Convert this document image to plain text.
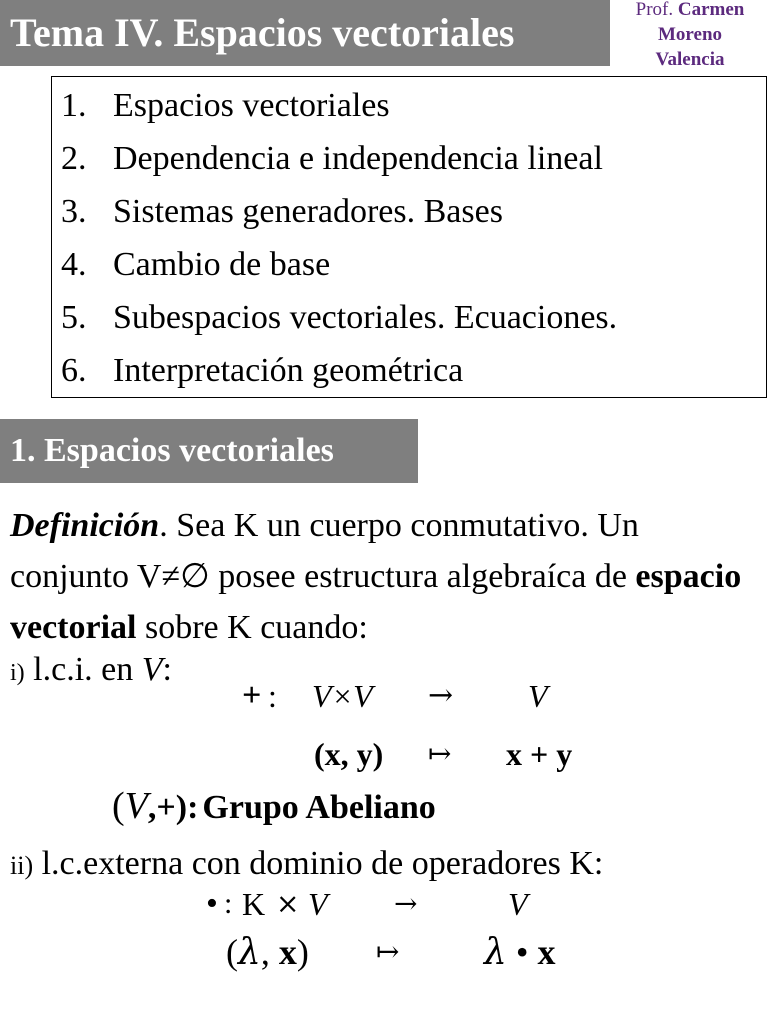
Tema IV. Espacios vectoriales
Prof. Carmen
Moreno
Valencia
1. Espacios vectoriales
2. Dependencia e independencia lineal
3. Sistemas generadores. Bases
4. Cambio de base
5. Subespacios vectoriales. Ecuaciones.
6. Interpretación geométrica
1. Espacios vectoriales
Definición. Sea K un cuerpo conmutativo. Un conjunto V≠∅ posee estructura algebraíca de espacio vectorial sobre K cuando:
i) l.c.i. en V:
+ : V×V → V
(x, y) ↦ x + y
(V,+): Grupo Abeliano
ii) l.c.externa con dominio de operadores K:
• : K × V →	V
(λ, x) ↦ λ • x
